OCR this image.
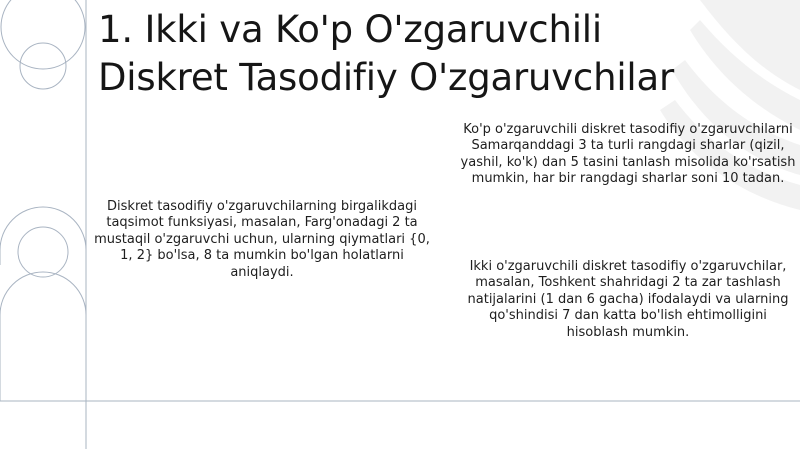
1. Ikki va Ko'p O'zgaruvchili
Diskret Tasodifiy O'zgaruvchilar

Diskret tasodifiy o'zgaruvchilarning birgalikdagi taqsimot funksiyasi, masalan, Farg'onadagi 2 ta mustaqil o'zgaruvchi uchun, ularning qiymatlari {0, 1, 2} bo'lsa, 8 ta mumkin bo'lgan holatlarni aniqlaydi.

Ko'p o'zgaruvchili diskret tasodifiy o'zgaruvchilarni Samarqanddagi 3 ta turli rangdagi sharlar (qizil, yashil, ko'k) dan 5 tasini tanlash misolida ko'rsatish mumkin, har bir rangdagi sharlar soni 10 tadan.

Ikki o'zgaruvchili diskret tasodifiy o'zgaruvchilar, masalan, Toshkent shahridagi 2 ta zar tashlash natijalarini (1 dan 6 gacha) ifodalaydi va ularning qo'shindisi 7 dan katta bo'lish ehtimolligini hisoblash mumkin.
